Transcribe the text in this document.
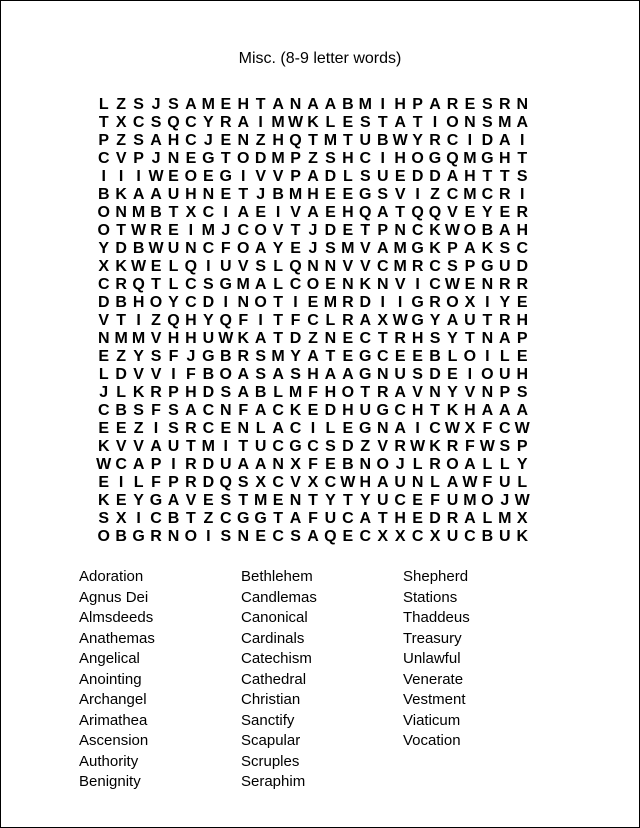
Misc. (8-9 letter words)
L Z S J S A M E H T A N A A B M I H P A R E S R N
T X C S Q C Y R A I M W K L E S T A T I O N S M A
P Z S A H C J E N Z H Q T M T U B W Y R C I D A I
C V P J N E G T O D M P Z S H C I H O G Q M G H T
I I I W E O E G I V V P A D L S U E D D A H T T S
B K A A U H N E T J B M H E E G S V I Z C M C R I
O N M B T X C I A E I V A E H Q A T Q Q V E Y E R
O T W R E I M J C O V T J D E T P N C K W O B A H
Y D B W U N C F O A Y E J S M V A M G K P A K S C
X K W E L Q I U V S L Q N N V V C M R C S P G U D
C R Q T L C S G M A L C O E N K N V I C W E N R R
D B H O Y C D I N O T I E M R D I I G R O X I Y E
V T I Z Q H Y Q F I T F C L R A X W G Y A U T R H
N M M V H H U W K A T D Z N E C T R H S Y T N A P
E Z Y S F J G B R S M Y A T E G C E E B L O I L E
L D V V I F B O A S A S H A A G N U S D E I O U H
J L K R P H D S A B L M F H O T R A V N Y V N P S
C B S F S A C N F A C K E D H U G C H T K H A A A
E E Z I S R C E N L A C I L E G N A I C W X F C W
K V V A U T M I T U C G C S D Z V R W K R F W S P
W C A P I R D U A A N X F E B N O J L R O A L L Y
E I L F P R D Q S X C V X C W H A U N L A W F U L
K E Y G A V E S T M E N T Y T Y U C E F U M O J W
S X I C B T Z C G G T A F U C A T H E D R A L M X
O B G R N O I S N E C S A Q E C X X C X U C B U K
Adoration
Agnus Dei
Almsdeeds
Anathemas
Angelical
Anointing
Archangel
Arimathea
Ascension
Authority
Benignity
Bethlehem
Candlemas
Canonical
Cardinals
Catechism
Cathedral
Christian
Sanctify
Scapular
Scruples
Seraphim
Shepherd
Stations
Thaddeus
Treasury
Unlawful
Venerate
Vestment
Viaticum
Vocation
